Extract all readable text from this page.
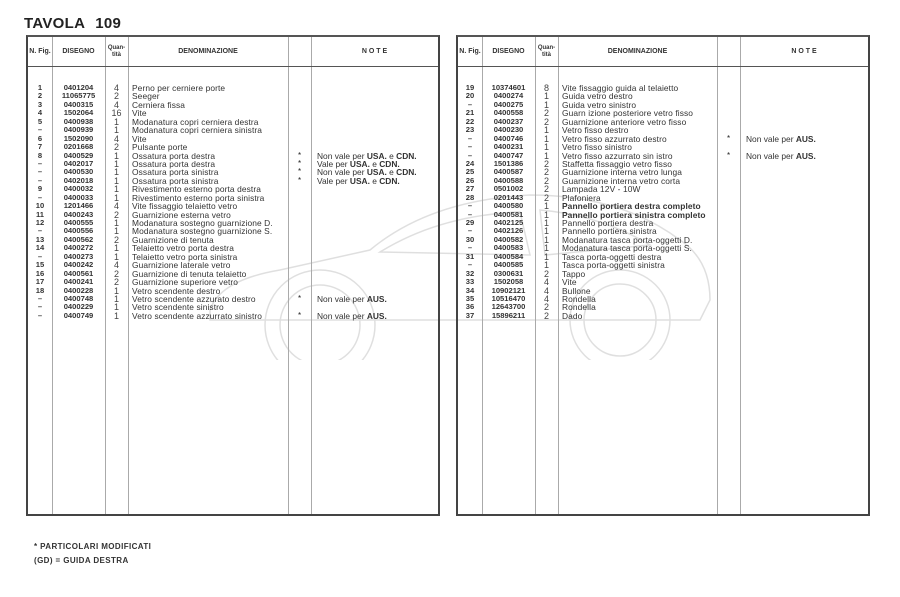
TAVOLA 109
N. Fig.	DISEGNO	Quan- tità	DENOMINAZIONE	N O T E
1	0401204	4	Perno per cerniere porte
2	11065775	2	Seeger
3	0400315	4	Cerniera fissa
4	1502064	16	Vite
5	0400938	1	Modanatura copri cerniera destra
–	0400939	1	Modanatura copri cerniera sinistra
6	1502090	4	Vite
7	0201668	2	Pulsante porte
8	0400529	1	Ossatura porta destra	*	Non vale per USA. e CDN.
–	0402017	1	Ossatura porta destra	*	Vale per USA. e CDN.
–	0400530	1	Ossatura porta sinistra	*	Non vale per USA. e CDN.
–	0402018	1	Ossatura porta sinistra	*	Vale per USA. e CDN.
9	0400032	1	Rivestimento esterno porta destra
–	0400033	1	Rivestimento esterno porta sinistra
10	1201466	4	Vite fissaggio telaietto vetro
11	0400243	2	Guarnizione esterna vetro
12	0400555	1	Modanatura sostegno guarnizione D.
–	0400556	1	Modanatura sostegno guarnizione S.
13	0400562	2	Guarnizione di tenuta
14	0400272	1	Telaietto vetro porta destra
–	0400273	1	Telaietto vetro porta sinistra
15	0400242	4	Guarnizione laterale vetro
16	0400561	2	Guarnizione di tenuta telaietto
17	0400241	2	Guarnizione superiore vetro
18	0400228	1	Vetro scendente destro
–	0400748	1	Vetro scendente azzurato destro	*	Non vale per AUS.
–	0400229	1	Vetro scendente sinistro
–	0400749	1	Vetro scendente azzurrato sinistro	*	Non vale per AUS.
N. Fig.	DISEGNO	Quan- tità	DENOMINAZIONE	N O T E
19	10374601	8	Vite fissaggio guida al telaietto
20	0400274	1	Guida vetro destro
–	0400275	1	Guida vetro sinistro
21	0400558	2	Guarn izione posteriore vetro fisso
22	0400237	2	Guarnizione anteriore vetro fisso
23	0400230	1	Vetro fisso destro
–	0400746	1	Vetro fisso azzurrato destro	*	Non vale per AUS.
–	0400231	1	Vetro fisso sinistro
–	0400747	1	Vetro fisso azzurrato sin istro	*	Non vale per AUS.
24	1501386	2	Staffetta fissaggio vetro fisso
25	0400587	2	Guarnizione interna vetro lunga
26	0400588	2	Guarnizione interna vetro corta
27	0501002	2	Lampada 12V - 10W
28	0201443	2	Plafoniera
–	0400580	1	Pannello portiera destra completo
–	0400581	1	Pannello portiera sinistra completo
29	0402125	1	Pannello portiera destra
–	0402126	1	Pannello portiera sinistra
30	0400582	1	Modanatura tasca porta-oggetti D.
–	0400583	1	Modanatura tasca porta-oggetti S.
31	0400584	1	Tasca porta-oggetti destra
–	0400585	1	Tasca porta-oggetti sinistra
32	0300631	2	Tappo
33	1502058	4	Vite
34	10902121	4	Bullone
35	10516470	4	Rondella
36	12643700	2	Rondella
37	15896211	2	Dado
* PARTICOLARI MODIFICATI
(GD) = GUIDA DESTRA
